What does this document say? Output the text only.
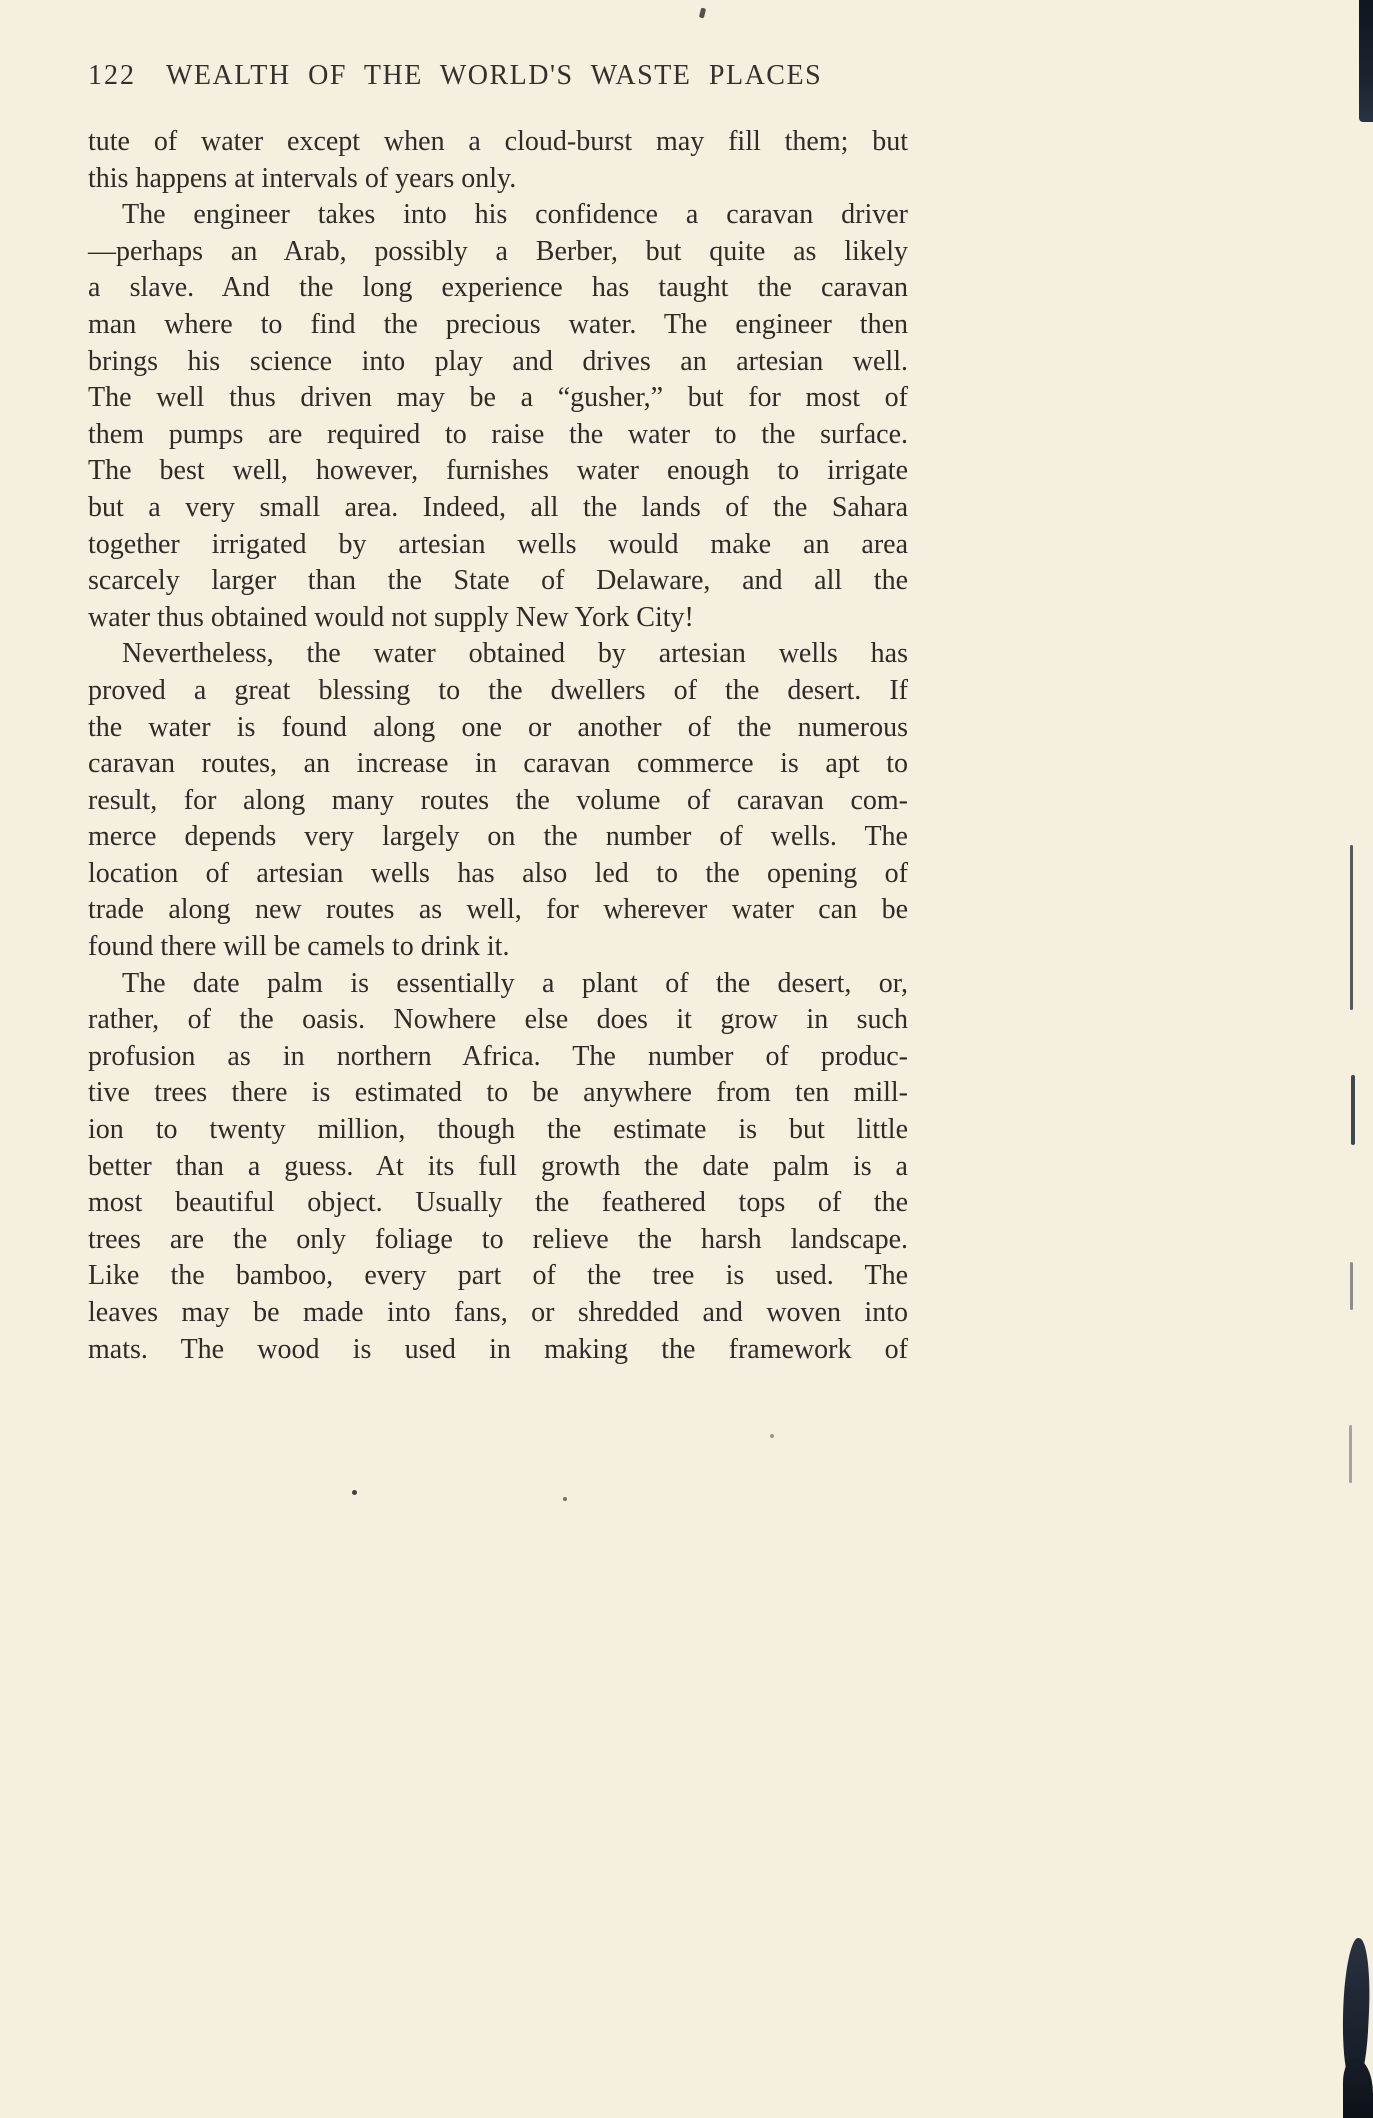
122 WEALTH OF THE WORLD'S WASTE PLACES
tute of water except when a cloud-burst may fill them; but
this happens at intervals of years only.
The engineer takes into his confidence a caravan driver
—perhaps an Arab, possibly a Berber, but quite as likely
a slave. And the long experience has taught the caravan
man where to find the precious water. The engineer then
brings his science into play and drives an artesian well.
The well thus driven may be a “gusher,” but for most of
them pumps are required to raise the water to the surface.
The best well, however, furnishes water enough to irrigate
but a very small area. Indeed, all the lands of the Sahara
together irrigated by artesian wells would make an area
scarcely larger than the State of Delaware, and all the
water thus obtained would not supply New York City!
Nevertheless, the water obtained by artesian wells has
proved a great blessing to the dwellers of the desert. If
the water is found along one or another of the numerous
caravan routes, an increase in caravan commerce is apt to
result, for along many routes the volume of caravan com-
merce depends very largely on the number of wells. The
location of artesian wells has also led to the opening of
trade along new routes as well, for wherever water can be
found there will be camels to drink it.
The date palm is essentially a plant of the desert, or,
rather, of the oasis. Nowhere else does it grow in such
profusion as in northern Africa. The number of produc-
tive trees there is estimated to be anywhere from ten mill-
ion to twenty million, though the estimate is but little
better than a guess. At its full growth the date palm is a
most beautiful object. Usually the feathered tops of the
trees are the only foliage to relieve the harsh landscape.
Like the bamboo, every part of the tree is used. The
leaves may be made into fans, or shredded and woven into
mats. The wood is used in making the framework of
